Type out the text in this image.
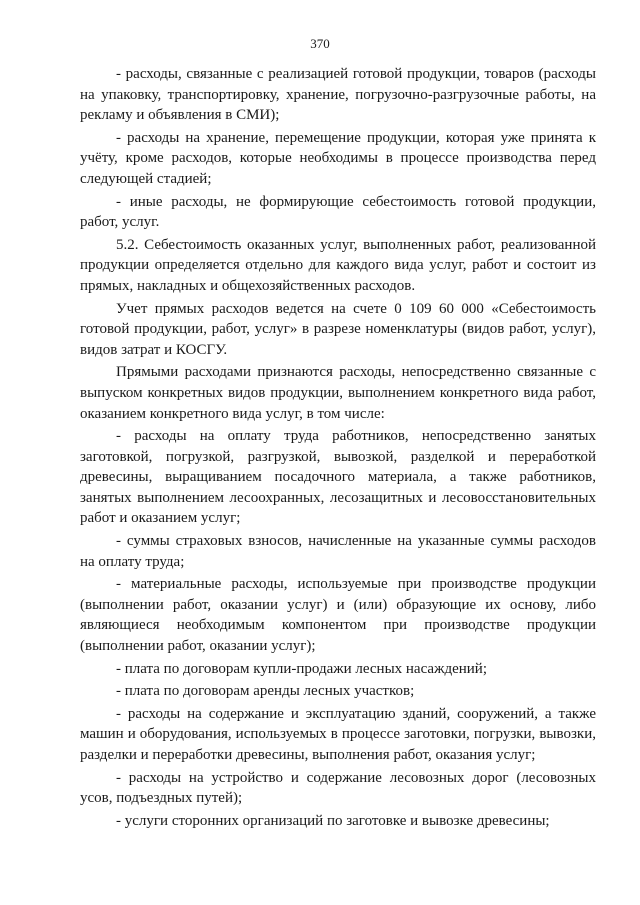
370

- расходы, связанные с реализацией готовой продукции, товаров (расходы на упаковку, транспортировку, хранение, погрузочно-разгрузочные работы, на рекламу и объявления в СМИ);

- расходы на хранение, перемещение продукции, которая уже принята к учёту, кроме расходов, которые необходимы в процессе производства перед следующей стадией;

- иные расходы, не формирующие себестоимость готовой продукции, работ, услуг.

5.2. Себестоимость оказанных услуг, выполненных работ, реализованной продукции определяется отдельно для каждого вида услуг, работ и состоит из прямых, накладных и общехозяйственных расходов.

Учет прямых расходов ведется на счете 0 109 60 000 «Себестоимость готовой продукции, работ, услуг» в разрезе номенклатуры (видов работ, услуг), видов затрат и КОСГУ.

Прямыми расходами признаются расходы, непосредственно связанные с выпуском конкретных видов продукции, выполнением конкретного вида работ, оказанием конкретного вида услуг, в том числе:

- расходы на оплату труда работников, непосредственно занятых заготовкой, погрузкой, разгрузкой, вывозкой, разделкой и переработкой древесины, выращиванием посадочного материала, а также работников, занятых выполнением лесоохранных, лесозащитных и лесовосстановительных работ и оказанием услуг;

- суммы страховых взносов, начисленные на указанные суммы расходов на оплату труда;

- материальные расходы, используемые при производстве продукции (выполнении работ, оказании услуг) и (или) образующие их основу, либо являющиеся необходимым компонентом при производстве продукции (выполнении работ, оказании услуг);

- плата по договорам купли-продажи лесных насаждений;

- плата по договорам аренды лесных участков;

- расходы на содержание и эксплуатацию зданий, сооружений, а также машин и оборудования, используемых в процессе заготовки, погрузки, вывозки, разделки и переработки древесины, выполнения работ, оказания услуг;

- расходы на устройство и содержание лесовозных дорог (лесовозных усов, подъездных путей);

- услуги сторонних организаций по заготовке и вывозке древесины;
